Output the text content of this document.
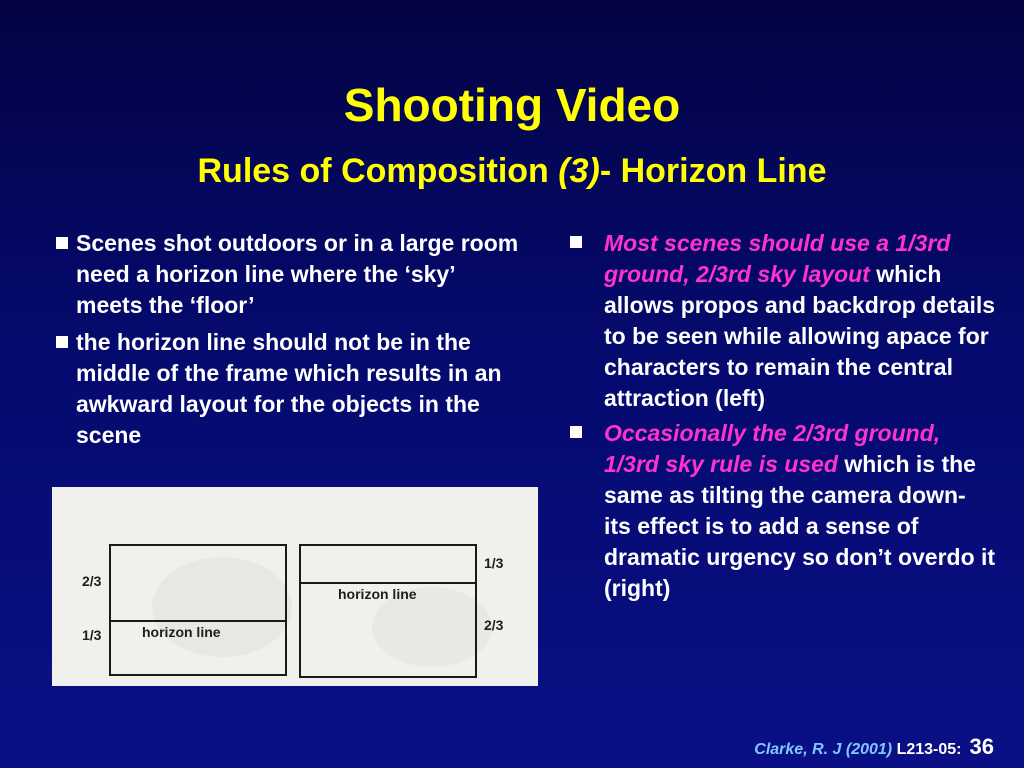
Shooting Video
Rules of Composition (3)- Horizon Line
Scenes shot outdoors or in a large room need a horizon line where the ‘sky’ meets the ‘floor’
the horizon line should not be in the middle of the frame which results in an awkward layout for the objects in the scene
Most scenes should use a 1/3rd ground, 2/3rd sky layout which allows propos and backdrop details to be seen while allowing apace for characters to remain the central attraction (left)
Occasionally the 2/3rd ground, 1/3rd sky rule is used which is the same as tilting the camera down- its effect is to add a sense of dramatic urgency so don’t overdo it (right)
2/3
1/3	horizon line
1/3
2/3
horizon line
Clarke, R. J (2001) L213-05: 36
